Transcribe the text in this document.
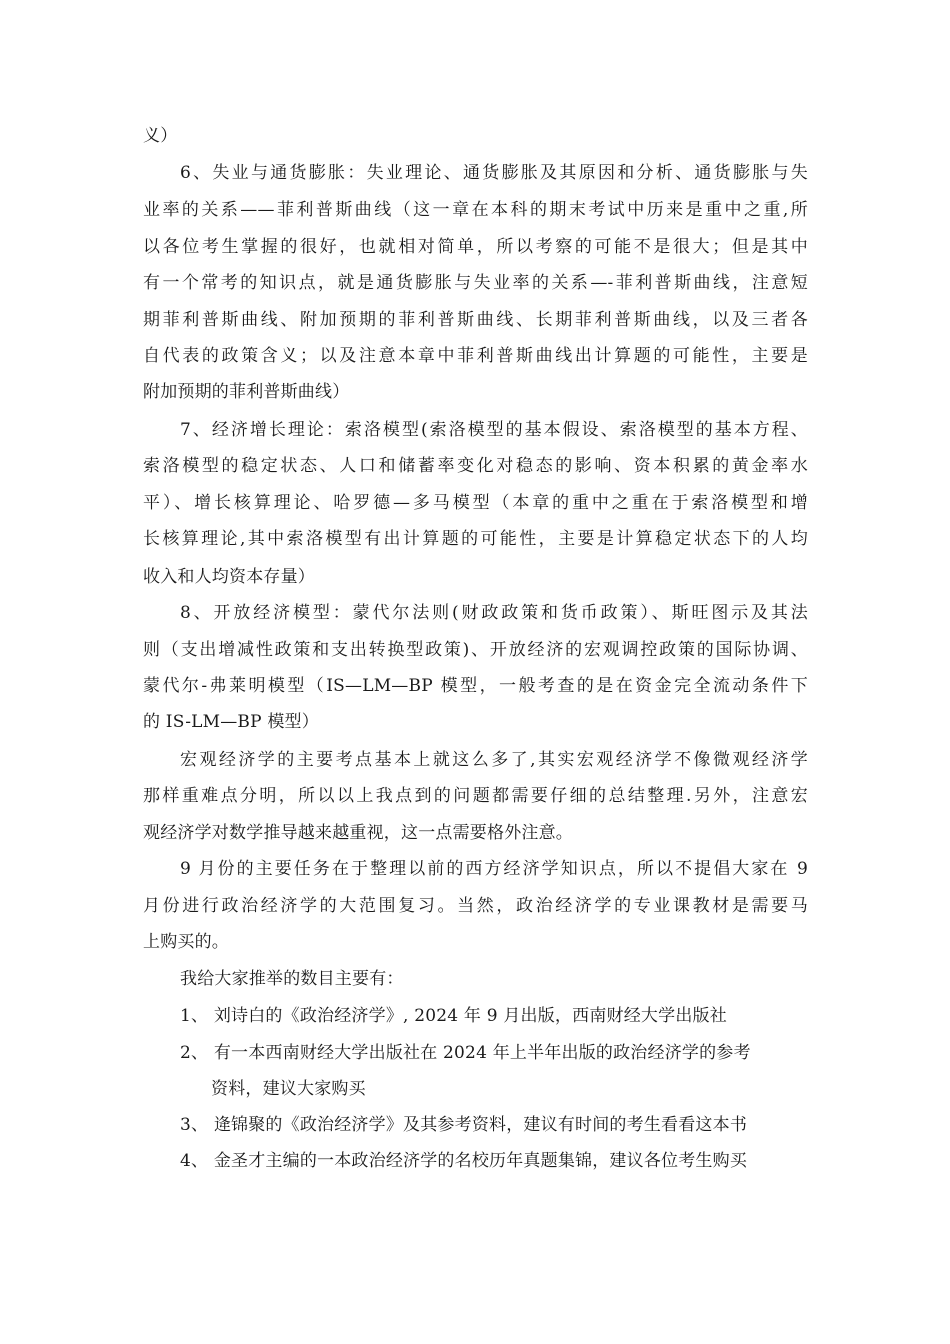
义）
6、失业与通货膨胀：失业理论、通货膨胀及其原因和分析、通货膨胀与失
业率的关系——菲利普斯曲线（这一章在本科的期末考试中历来是重中之重,所
以各位考生掌握的很好，也就相对简单，所以考察的可能不是很大；但是其中
有一个常考的知识点，就是通货膨胀与失业率的关系—-菲利普斯曲线，注意短
期菲利普斯曲线、附加预期的菲利普斯曲线、长期菲利普斯曲线，以及三者各
自代表的政策含义；以及注意本章中菲利普斯曲线出计算题的可能性，主要是
附加预期的菲利普斯曲线）
7、经济增长理论：索洛模型(索洛模型的基本假设、索洛模型的基本方程、
索洛模型的稳定状态、人口和储蓄率变化对稳态的影响、资本积累的黄金率水
平）、增长核算理论、哈罗德—多马模型（本章的重中之重在于索洛模型和增
长核算理论,其中索洛模型有出计算题的可能性，主要是计算稳定状态下的人均
收入和人均资本存量）
8、开放经济模型：蒙代尔法则(财政政策和货币政策）、斯旺图示及其法
则（支出增减性政策和支出转换型政策)、开放经济的宏观调控政策的国际协调、
蒙代尔-弗莱明模型（IS—LM—BP 模型，一般考查的是在资金完全流动条件下
的 IS-LM—BP 模型）
宏观经济学的主要考点基本上就这么多了,其实宏观经济学不像微观经济学
那样重难点分明，所以以上我点到的问题都需要仔细的总结整理.另外，注意宏
观经济学对数学推导越来越重视，这一点需要格外注意。
9 月份的主要任务在于整理以前的西方经济学知识点，所以不提倡大家在 9
月份进行政治经济学的大范围复习。当然，政治经济学的专业课教材是需要马
上购买的。
我给大家推举的数目主要有：
1、 刘诗白的《政治经济学》, 2024 年 9 月出版，西南财经大学出版社
2、 有一本西南财经大学出版社在 2024 年上半年出版的政治经济学的参考
资料，建议大家购买
3、 逄锦聚的《政治经济学》及其参考资料，建议有时间的考生看看这本书
4、 金圣才主编的一本政治经济学的名校历年真题集锦，建议各位考生购买
